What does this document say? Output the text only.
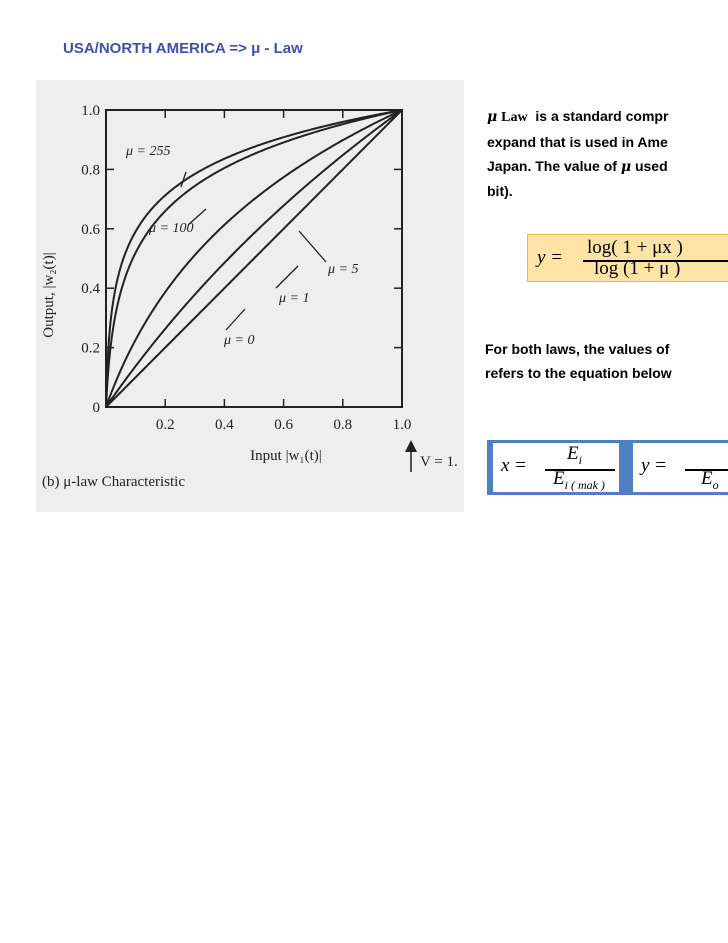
USA/NORTH AMERICA => μ - Law
Output, |w₂(t)|
Input |w₁(t)|
(b) μ-law Characteristic
V = 1.
1.0
0.8
0.6
0.4
0.2
0
0.2	0.4	0.6	0.8	1.0
μ = 255
μ = 100
μ = 5
μ = 1
μ = 0
μ Law  is a standard compr
expand that is used in Ame
Japan. The value of μ used
bit).
y = log( 1 + μx )
log (1 + μ )
For both laws, the values of
refers to the equation below
x =
$E_i$
$E_{i ( mak )}$
y =
$E_o$
